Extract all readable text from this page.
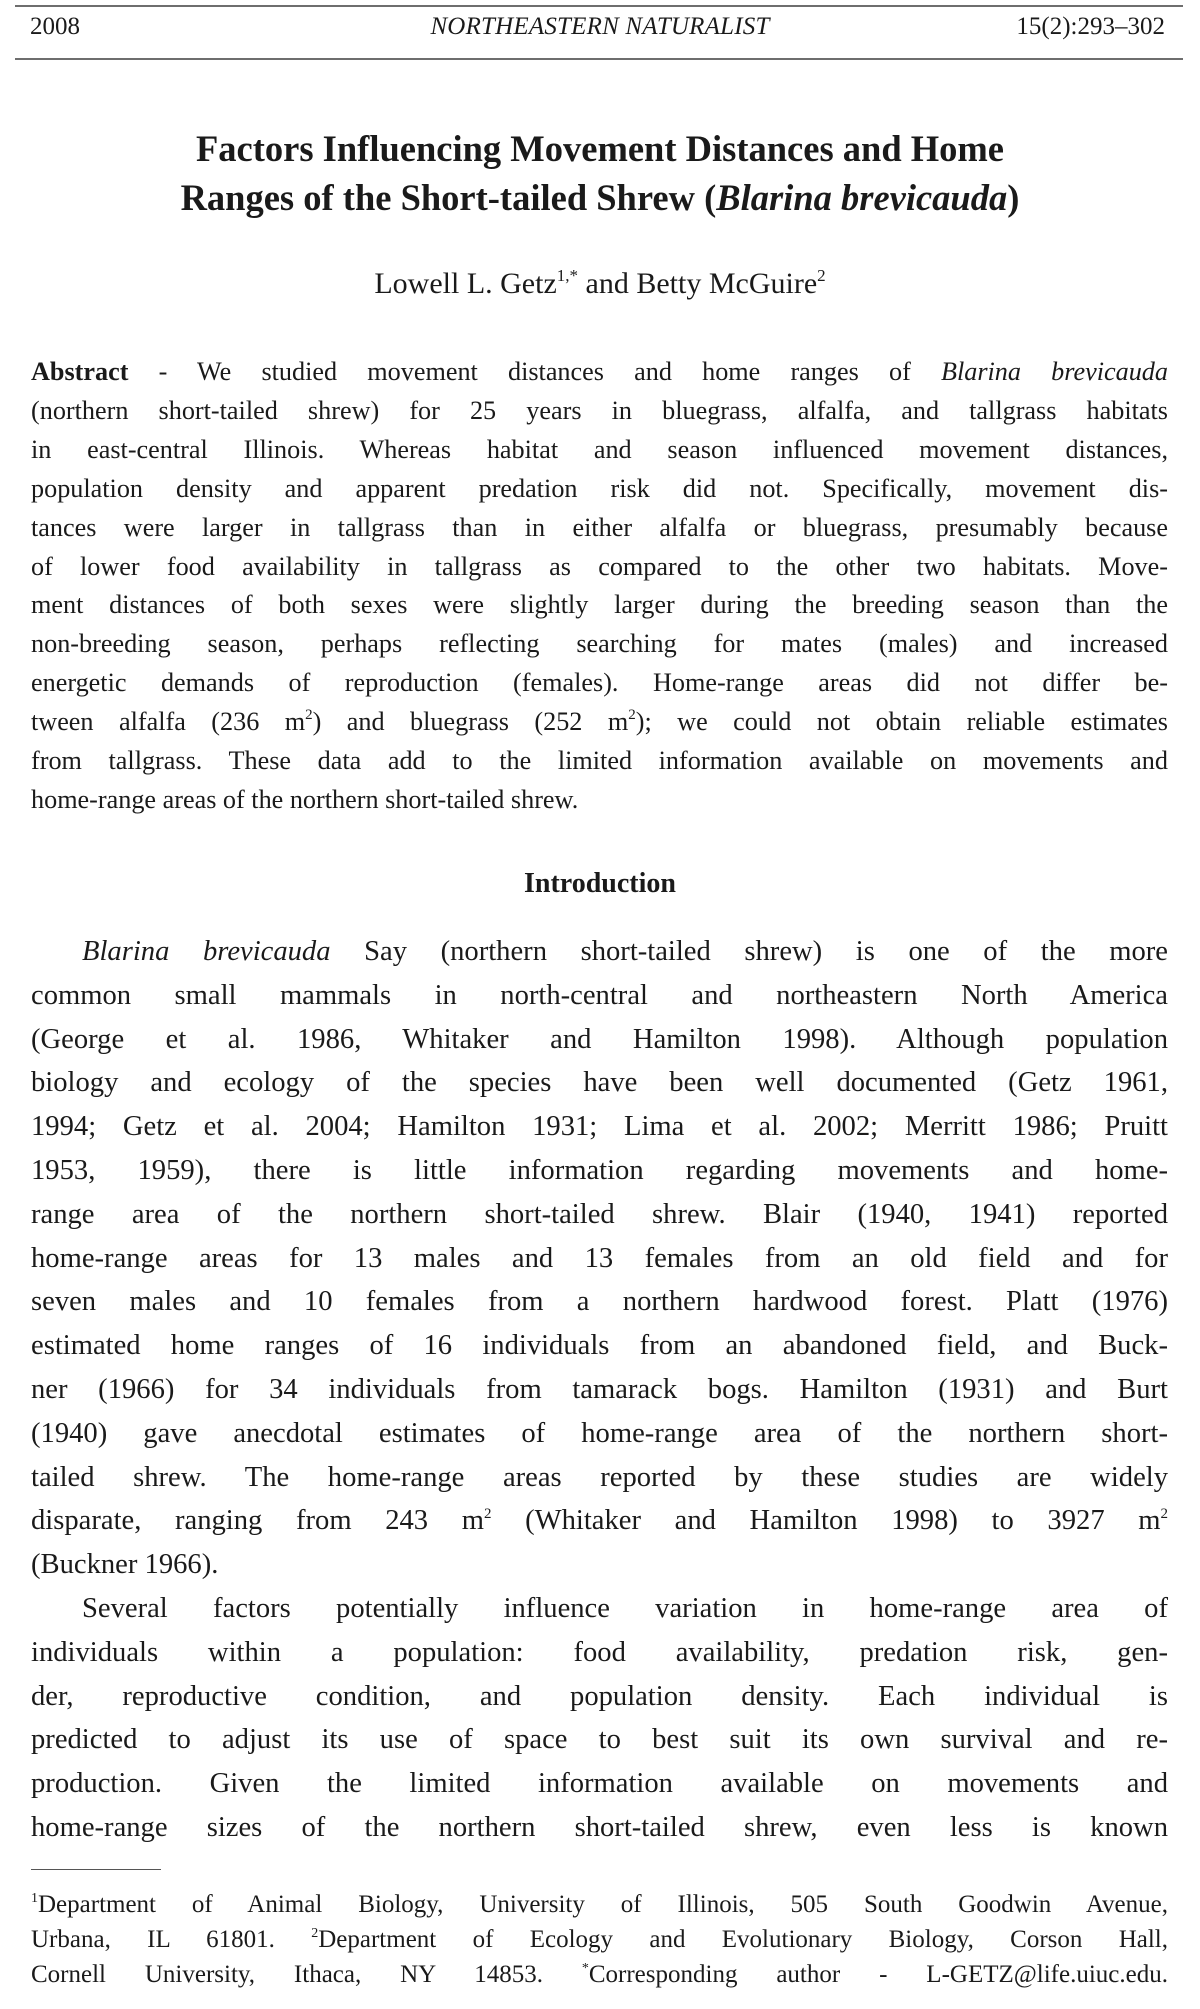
2008	NORTHEASTERN NATURALIST	15(2):293–302
Factors Influencing Movement Distances and Home
Ranges of the Short-tailed Shrew (Blarina brevicauda)
Lowell L. Getz$^{1,*}$ and Betty McGuire$^2$
Abstract - We studied movement distances and home ranges of Blarina brevicauda
(northern short-tailed shrew) for 25 years in bluegrass, alfalfa, and tallgrass habitats
in east-central Illinois. Whereas habitat and season influenced movement distances,
population density and apparent predation risk did not. Specifically, movement dis-
tances were larger in tallgrass than in either alfalfa or bluegrass, presumably because
of lower food availability in tallgrass as compared to the other two habitats. Move-
ment distances of both sexes were slightly larger during the breeding season than the
non-breeding season, perhaps reflecting searching for mates (males) and increased
energetic demands of reproduction (females). Home-range areas did not differ be-
tween alfalfa (236 $m^2$) and bluegrass (252 $m^2$); we could not obtain reliable estimates
from tallgrass. These data add to the limited information available on movements and
home-range areas of the northern short-tailed shrew.
Introduction
Blarina brevicauda Say (northern short-tailed shrew) is one of the more
common small mammals in north-central and northeastern North America
(George et al. 1986, Whitaker and Hamilton 1998). Although population
biology and ecology of the species have been well documented (Getz 1961,
1994; Getz et al. 2004; Hamilton 1931; Lima et al. 2002; Merritt 1986; Pruitt
1953, 1959), there is little information regarding movements and home-
range area of the northern short-tailed shrew. Blair (1940, 1941) reported
home-range areas for 13 males and 13 females from an old field and for
seven males and 10 females from a northern hardwood forest. Platt (1976)
estimated home ranges of 16 individuals from an abandoned field, and Buck-
ner (1966) for 34 individuals from tamarack bogs. Hamilton (1931) and Burt
(1940) gave anecdotal estimates of home-range area of the northern short-
tailed shrew. The home-range areas reported by these studies are widely
disparate, ranging from 243 $m^2$ (Whitaker and Hamilton 1998) to 3927 $m^2$
(Buckner 1966).
Several factors potentially influence variation in home-range area of
individuals within a population: food availability, predation risk, gen-
der, reproductive condition, and population density. Each individual is
predicted to adjust its use of space to best suit its own survival and re-
production. Given the limited information available on movements and
home-range sizes of the northern short-tailed shrew, even less is known
$^1$Department of Animal Biology, University of Illinois, 505 South Goodwin Avenue,
Urbana, IL 61801. $^2$Department of Ecology and Evolutionary Biology, Corson Hall,
Cornell University, Ithaca, NY 14853. *Corresponding author - L-GETZ@life.uiuc.edu.
